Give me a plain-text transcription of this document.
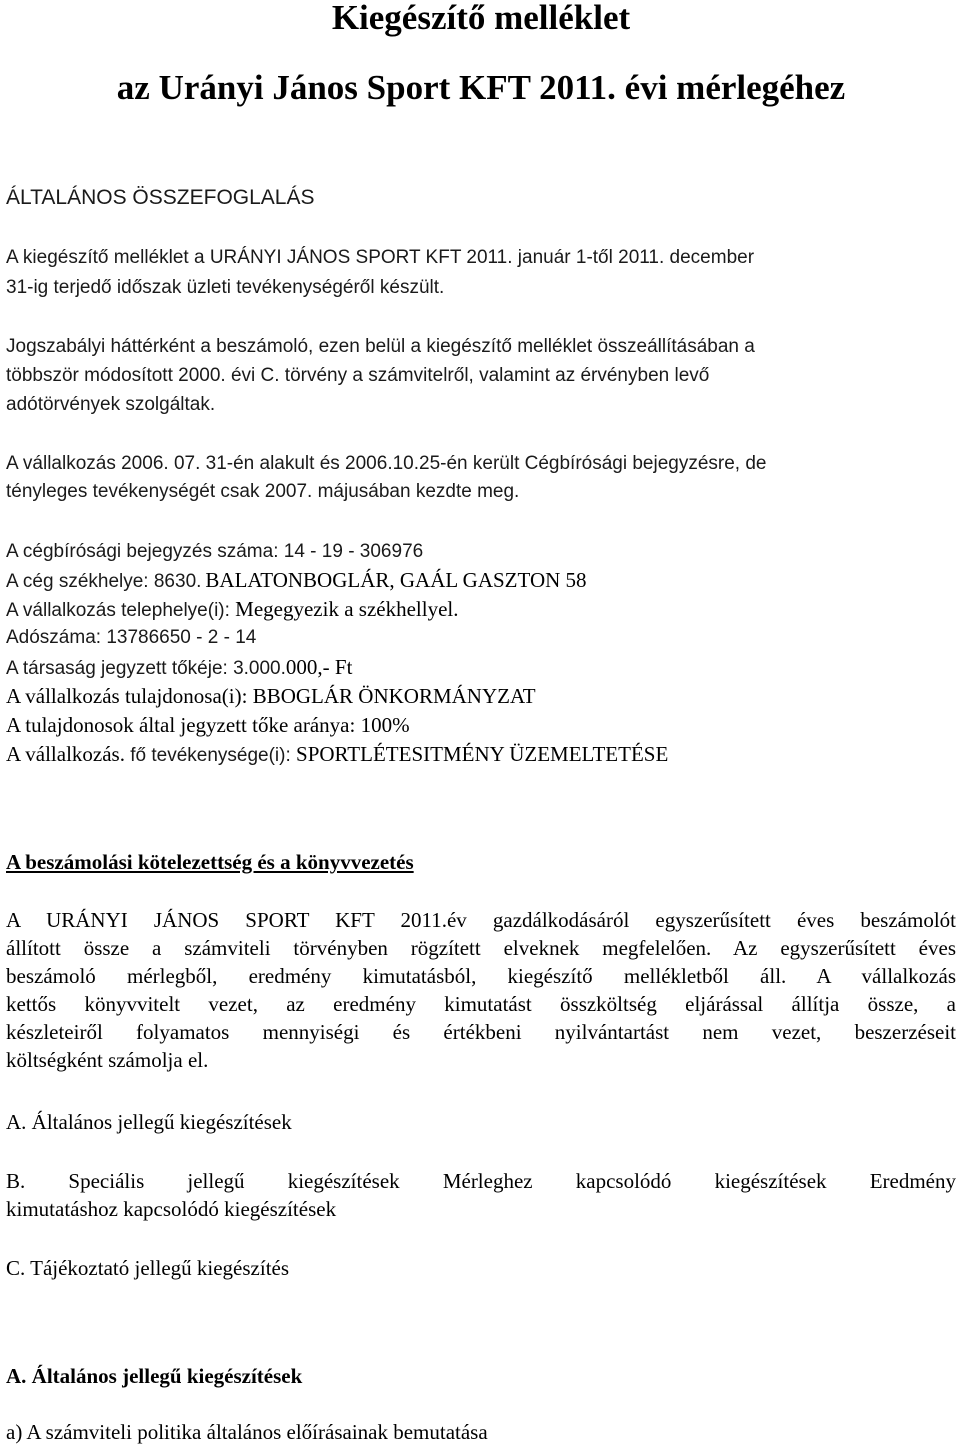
Kiegészítő melléklet
az Urányi János Sport KFT 2011. évi mérlegéhez

ÁLTALÁNOS ÖSSZEFOGLALÁS

A kiegészítő melléklet a URÁNYI JÁNOS SPORT KFT 2011. január 1-től 2011. december

31-ig terjedő időszak üzleti tevékenységéről készült.

Jogszabályi háttérként a beszámoló, ezen belül a kiegészítő melléklet összeállításában a

többször módosított 2000. évi C. törvény a számvitelről, valamint az érvényben levő

adótörvények szolgáltak.

A vállalkozás 2006. 07. 31-én alakult és 2006.10.25-én került Cégbírósági bejegyzésre, de

tényleges tevékenységét csak 2007. májusában kezdte meg.

A cégbírósági bejegyzés száma: 14 - 19 - 306976

A cég székhelye: 8630. BALATONBOGLÁR, GAÁL GASZTON 58

A vállalkozás telephelye(i): Megegyezik a székhellyel.

Adószáma: 13786650 - 2 - 14

A társaság jegyzett tőkéje: 3.000.000,- Ft

A vállalkozás tulajdonosa(i): BBOGLÁR ÖNKORMÁNYZAT

A tulajdonosok által jegyzett tőke aránya: 100%

A vállalkozás. fő tevékenysége(i): SPORTLÉTESITMÉNY ÜZEMELTETÉSE

A beszámolási kötelezettség és a könyvvezetés

A URÁNYI JÁNOS SPORT KFT 2011.év gazdálkodásáról egyszerűsített éves beszámolót
állított össze a számviteli törvényben rögzített elveknek megfelelően. Az egyszerűsített éves
beszámoló mérlegből, eredmény kimutatásból, kiegészítő mellékletből áll. A vállalkozás
kettős könyvvitelt vezet, az eredmény kimutatást összköltség eljárással állítja össze, a
készleteiről folyamatos mennyiségi és értékbeni nyilvántartást nem vezet, beszerzéseit
költségként számolja el.

A. Általános jellegű kiegészítések

B. Speciális jellegű kiegészítések Mérleghez kapcsolódó kiegészítések Eredmény
kimutatáshoz kapcsolódó kiegészítések

C. Tájékoztató jellegű kiegészítés

A. Általános jellegű kiegészítések

a) A számviteli politika általános előírásainak bemutatása
